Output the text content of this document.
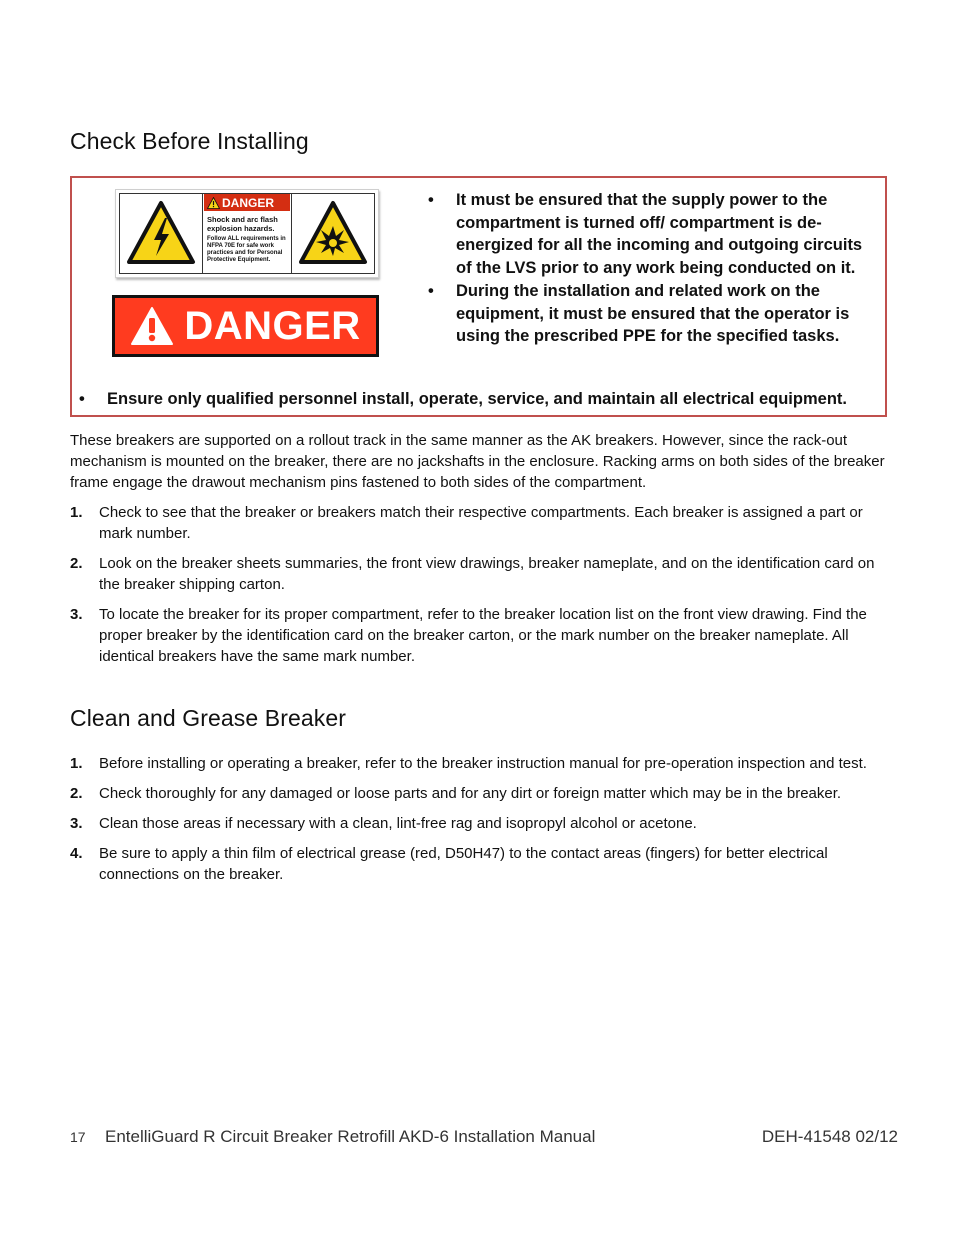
Check Before Installing
DANGER
Shock and arc flash explosion hazards.
Follow ALL requirements in NFPA 70E for safe work practices and for Personal Protective Equipment.
DANGER
• It must be ensured that the supply power to the compartment is turned off/ compartment is de-energized for all the incoming and outgoing circuits of the LVS prior to any work being conducted on it.
• During the installation and related work on the equipment, it must be ensured that the operator is using the prescribed PPE for the specified tasks.
• Ensure only qualified personnel install, operate, service, and maintain all electrical equipment.

These breakers are supported on a rollout track in the same manner as the AK breakers. However, since the rack-out mechanism is mounted on the breaker, there are no jackshafts in the enclosure. Racking arms on both sides of the breaker frame engage the drawout mechanism pins fastened to both sides of the compartment.

1. Check to see that the breaker or breakers match their respective compartments. Each breaker is assigned a part or mark number.
2. Look on the breaker sheets summaries, the front view drawings, breaker nameplate, and on the identification card on the breaker shipping carton.
3. To locate the breaker for its proper compartment, refer to the breaker location list on the front view drawing. Find the proper breaker by the identification card on the breaker carton, or the mark number on the breaker nameplate. All identical breakers have the same mark number.
Clean and Grease Breaker
1. Before installing or operating a breaker, refer to the breaker instruction manual for pre-operation inspection and test.
2. Check thoroughly for any damaged or loose parts and for any dirt or foreign matter which may be in the breaker.
3. Clean those areas if necessary with a clean, lint-free rag and isopropyl alcohol or acetone.
4. Be sure to apply a thin film of electrical grease (red, D50H47) to the contact areas (fingers) for better electrical connections on the breaker.
17 EntelliGuard R Circuit Breaker Retrofill AKD-6 Installation Manual	DEH-41548 02/12
